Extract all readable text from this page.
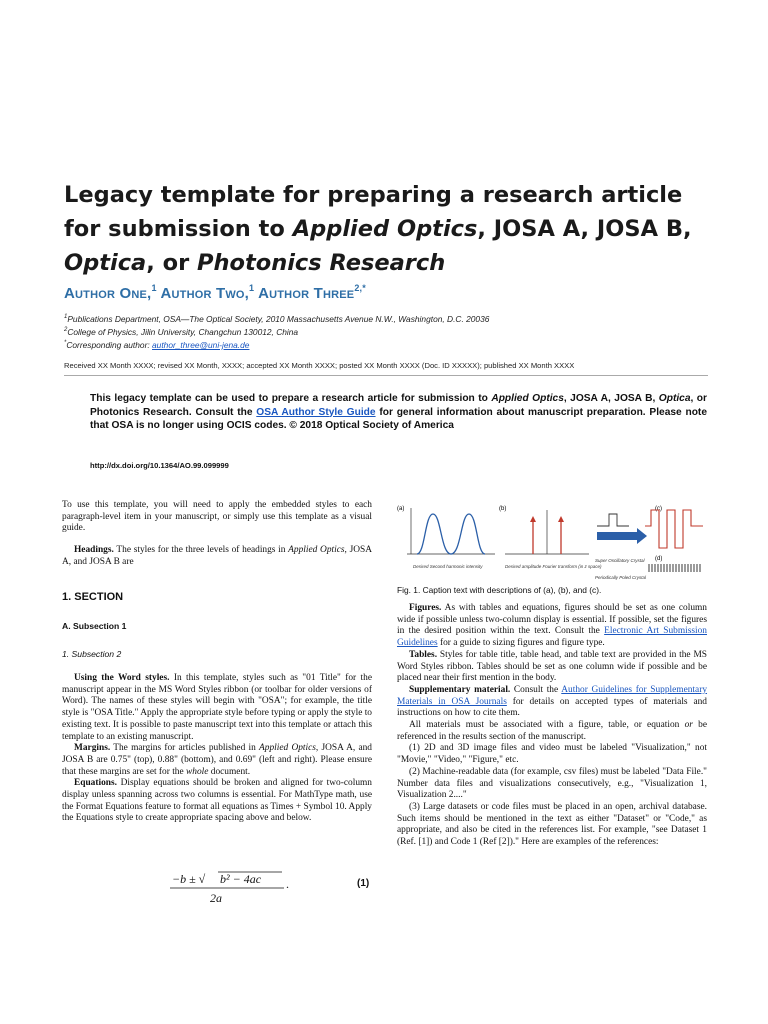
Legacy template for preparing a research article for submission to Applied Optics, JOSA A, JOSA B, Optica, or Photonics Research
Author One,$^1$ Author Two,$^1$ Author Three$^{2,*}$
$^1$Publications Department, OSA—The Optical Society, 2010 Massachusetts Avenue N.W., Washington, D.C. 20036
$^2$College of Physics, Jilin University, Changchun 130012, China
*Corresponding author: author_three@uni-jena.de
Received XX Month XXXX; revised XX Month, XXXX; accepted XX Month XXXX; posted XX Month XXXX (Doc. ID XXXXX); published XX Month XXXX
This legacy template can be used to prepare a research article for submission to Applied Optics, JOSA A, JOSA B, Optica, or Photonics Research. Consult the OSA Author Style Guide for general information about manuscript preparation. Please note that OSA is no longer using OCIS codes. © 2018 Optical Society of America
http://dx.doi.org/10.1364/AO.99.099999

To use this template, you will need to apply the embedded styles to each paragraph-level item in your manuscript, or simply use this template as a visual guide.

Headings. The styles for the three levels of headings in Applied Optics, JOSA A, and JOSA B are

1. SECTION
A. Subsection 1
1. Subsection 2

Using the Word styles. In this template, styles such as "01 Title" for the manuscript appear in the MS Word Styles ribbon (or toolbar for older versions of Word). The names of these styles will begin with "OSA"; for example, the title style is "OSA Title." Apply the appropriate style before typing or apply the style to existing text. It is possible to paste manuscript text into this template or attach this template to an existing manuscript.

Margins. The margins for articles published in Applied Optics, JOSA A, and JOSA B are 0.75" (top), 0.88" (bottom), and 0.69" (left and right). Please ensure that these margins are set for the whole document.

Equations. Display equations should be broken and aligned for two-column display unless spanning across two columns is essential. For MathType math, use the Format Equations feature to format all equations as Times + Symbol 10. Apply the Equations style to create appropriate spacing above and below.

−b ± √ b² − 4ac
2a
.	(1)
(a)
Desired Second harmonic intensity
(b)
Desired amplitude Fourier transform (in z space)
(c)
Super Oscillatory Crystal (d)
Periodically Poled Crystal
Fig. 1. Caption text with descriptions of (a), (b), and (c).

Figures. As with tables and equations, figures should be set as one column wide if possible unless two-column display is essential. If possible, set the figures in the desired position within the text. Consult the Electronic Art Submission Guidelines for a guide to sizing figures and figure type.

Tables. Styles for table title, table head, and table text are provided in the MS Word Styles ribbon. Tables should be set as one column wide if possible and be placed near their first mention in the body.

Supplementary material. Consult the Author Guidelines for Supplementary Materials in OSA Journals for details on accepted types of materials and instructions on how to cite them.

All materials must be associated with a figure, table, or equation or be referenced in the results section of the manuscript.

(1) 2D and 3D image files and video must be labeled "Visualization," not "Movie," "Video," "Figure," etc.

(2) Machine-readable data (for example, csv files) must be labeled "Data File." Number data files and visualizations consecutively, e.g., "Visualization 1, Visualization 2...."

(3) Large datasets or code files must be placed in an open, archival database. Such items should be mentioned in the text as either "Dataset" or "Code," as appropriate, and also be cited in the references list. For example, "see Dataset 1 (Ref. [1]) and Code 1 (Ref [2])." Here are examples of the references:
